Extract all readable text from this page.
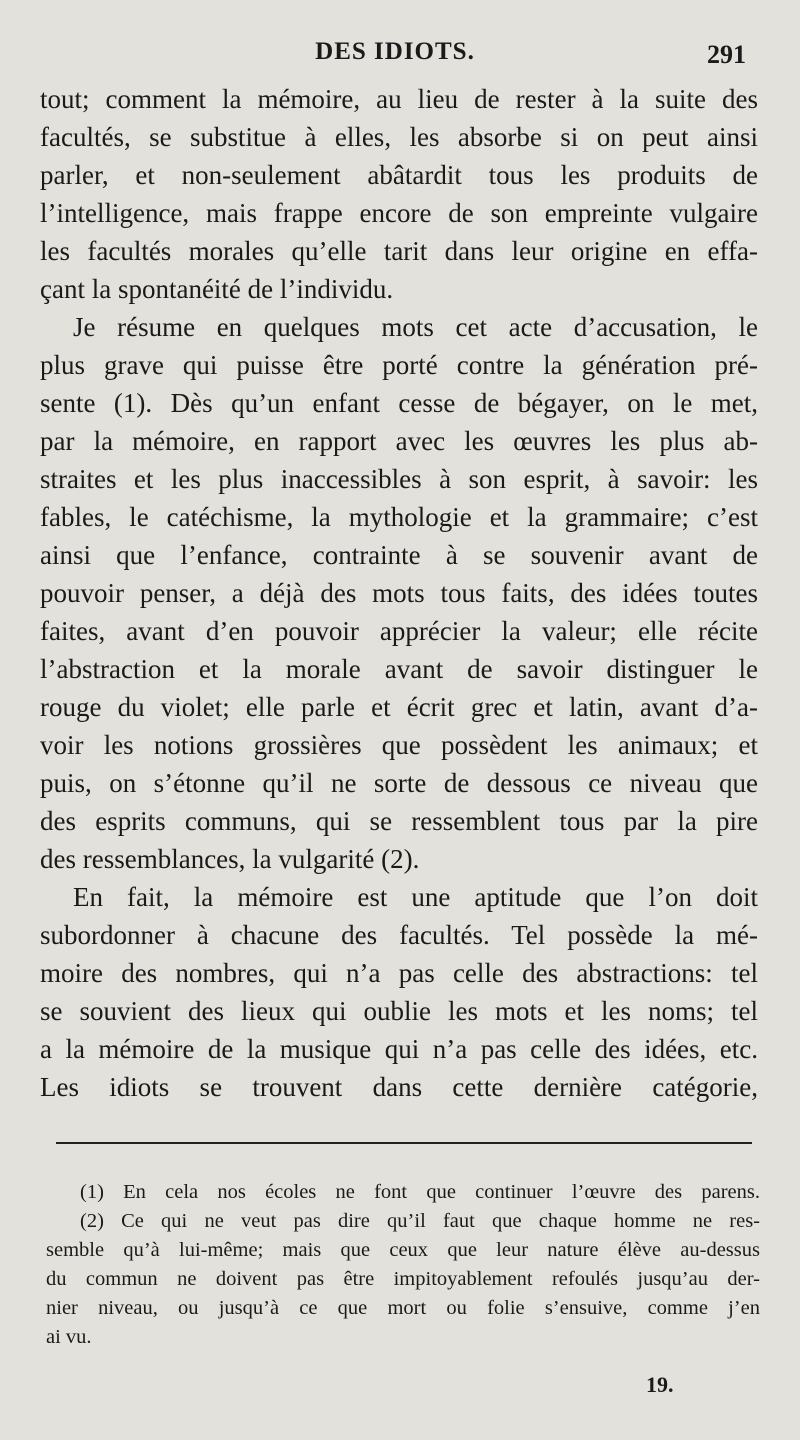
DES IDIOTS.	291
tout; comment la mémoire, au lieu de rester à la suite des
facultés, se substitue à elles, les absorbe si on peut ainsi
parler, et non-seulement abâtardit tous les produits de
l’intelligence, mais frappe encore de son empreinte vulgaire
les facultés morales qu’elle tarit dans leur origine en effa-
çant la spontanéité de l’individu.
Je résume en quelques mots cet acte d’accusation, le
plus grave qui puisse être porté contre la génération pré-
sente (1). Dès qu’un enfant cesse de bégayer, on le met,
par la mémoire, en rapport avec les œuvres les plus ab-
straites et les plus inaccessibles à son esprit, à savoir: les
fables, le catéchisme, la mythologie et la grammaire; c’est
ainsi que l’enfance, contrainte à se souvenir avant de
pouvoir penser, a déjà des mots tous faits, des idées toutes
faites, avant d’en pouvoir apprécier la valeur; elle récite
l’abstraction et la morale avant de savoir distinguer le
rouge du violet; elle parle et écrit grec et latin, avant d’a-
voir les notions grossières que possèdent les animaux; et
puis, on s’étonne qu’il ne sorte de dessous ce niveau que
des esprits communs, qui se ressemblent tous par la pire
des ressemblances, la vulgarité (2).
En fait, la mémoire est une aptitude que l’on doit
subordonner à chacune des facultés. Tel possède la mé-
moire des nombres, qui n’a pas celle des abstractions: tel
se souvient des lieux qui oublie les mots et les noms; tel
a la mémoire de la musique qui n’a pas celle des idées, etc.
Les idiots se trouvent dans cette dernière catégorie,
(1) En cela nos écoles ne font que continuer l’œuvre des parens.
(2) Ce qui ne veut pas dire qu’il faut que chaque homme ne res-
semble qu’à lui-même; mais que ceux que leur nature élève au-dessus
du commun ne doivent pas être impitoyablement refoulés jusqu’au der-
nier niveau, ou jusqu’à ce que mort ou folie s’ensuive, comme j’en
ai vu.
19.
